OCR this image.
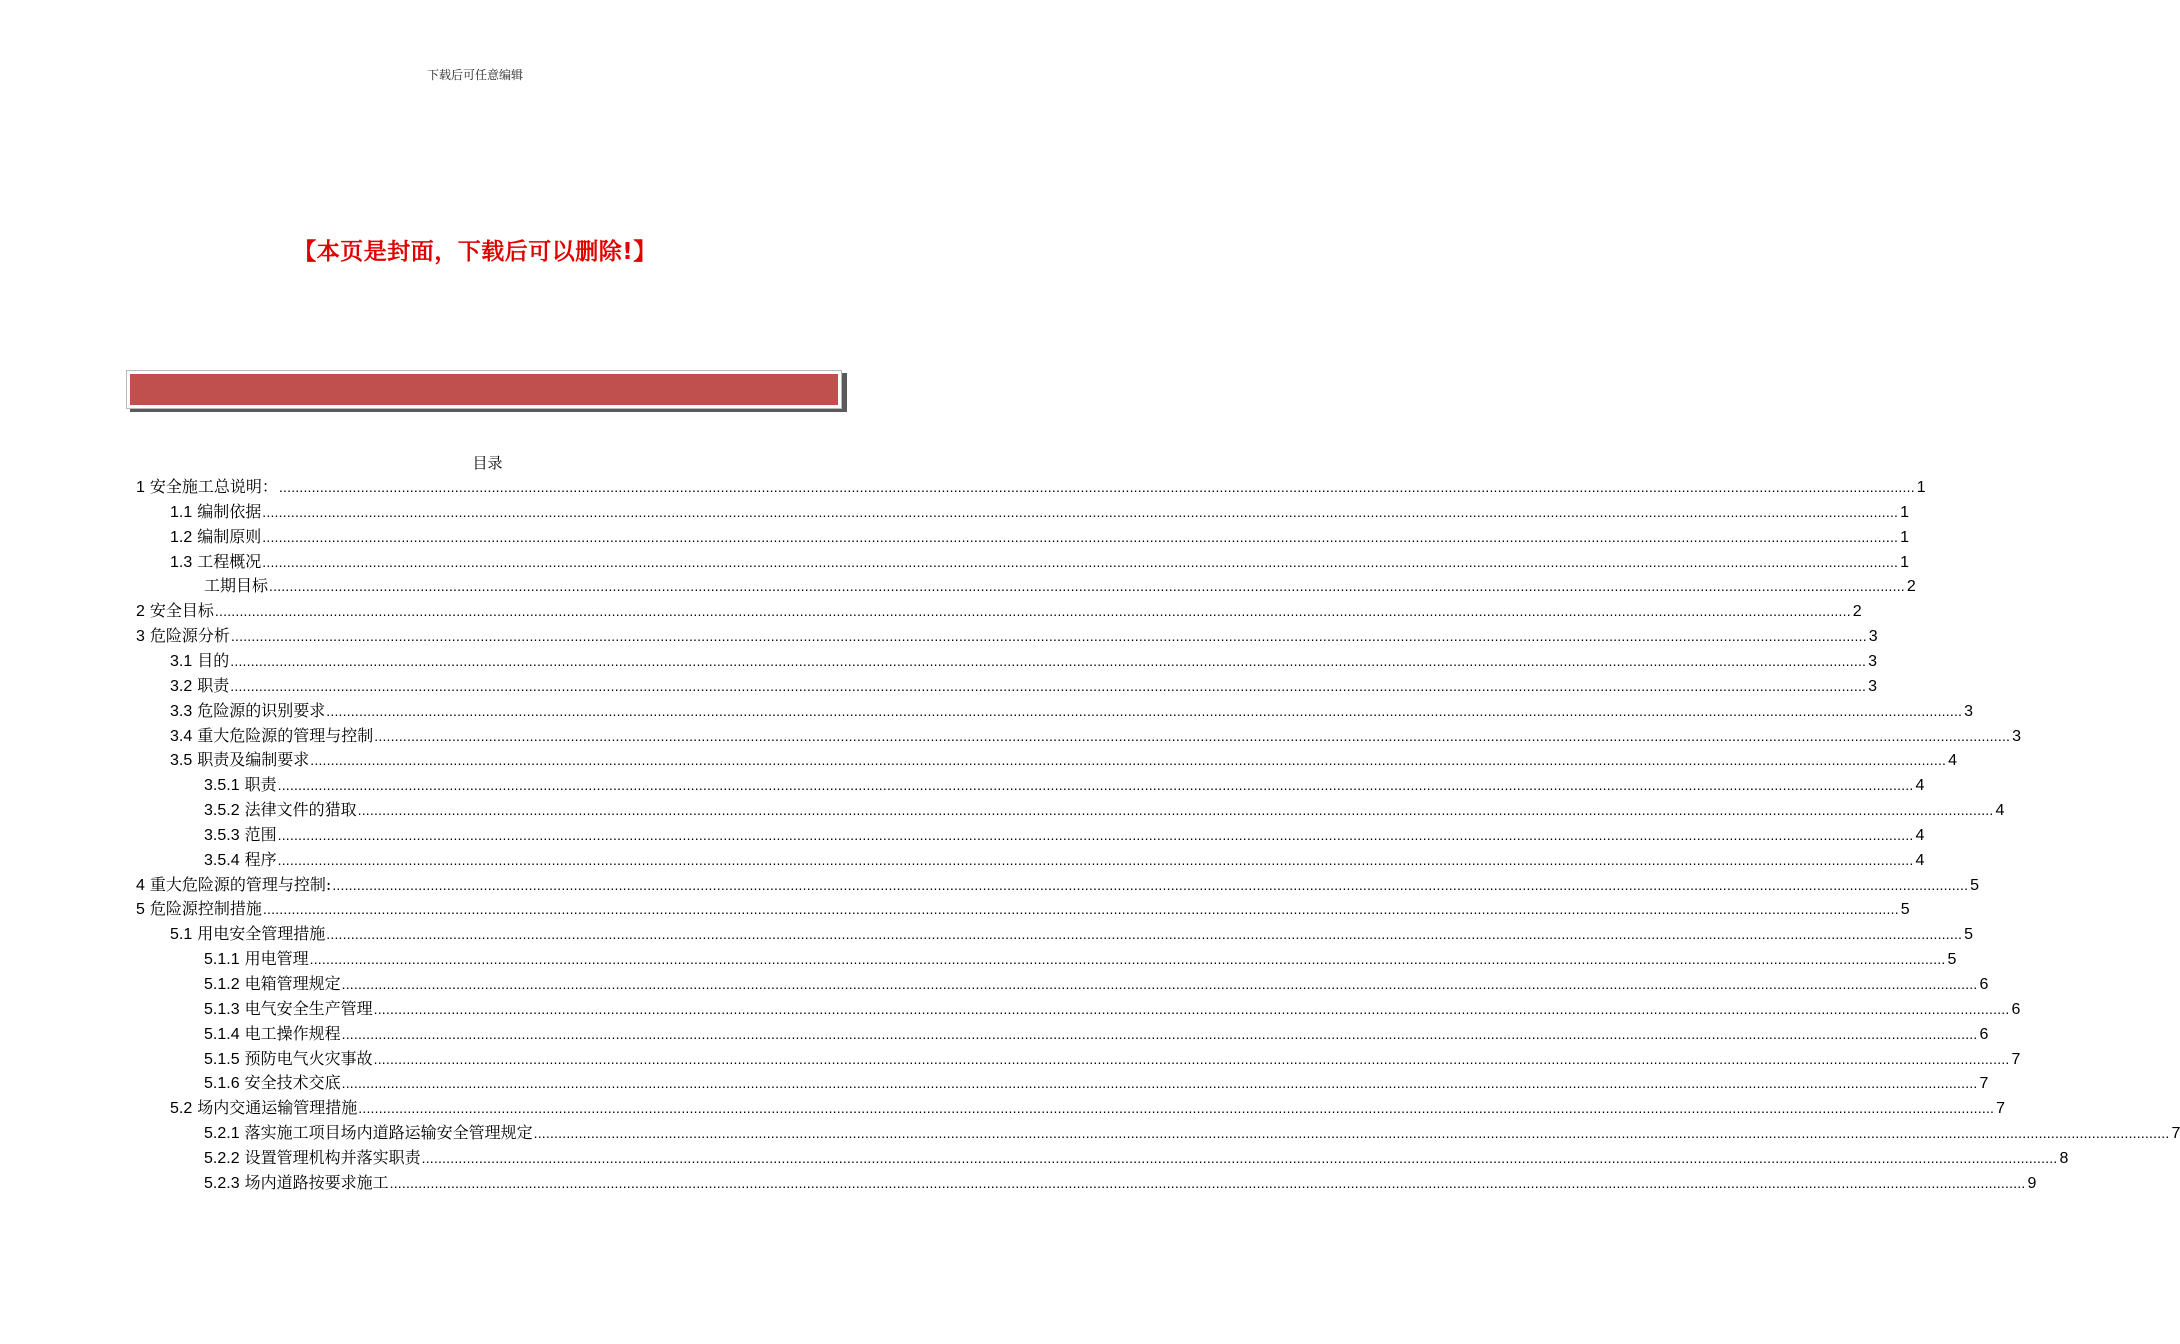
下载后可任意编辑
【本页是封面，下载后可以删除!】
目录
1 安全施工总说明： ................................................................................................................................................................................................................................................................................................................................................................................................................ 1
1.1 编制依据 ................................................................................................................................................................................................................................................................................................................................................................................................................ 1
1.2 编制原则 ................................................................................................................................................................................................................................................................................................................................................................................................................ 1
1.3 工程概况 ................................................................................................................................................................................................................................................................................................................................................................................................................ 1
工期目标 ................................................................................................................................................................................................................................................................................................................................................................................................................ 2
2 安全目标 ................................................................................................................................................................................................................................................................................................................................................................................................................ 2
3 危险源分析 ................................................................................................................................................................................................................................................................................................................................................................................................................ 3
3.1 目的 ................................................................................................................................................................................................................................................................................................................................................................................................................ 3
3.2 职责 ................................................................................................................................................................................................................................................................................................................................................................................................................ 3
3.3 危险源的识别要求 ................................................................................................................................................................................................................................................................................................................................................................................................................ 3
3.4 重大危险源的管理与控制 ................................................................................................................................................................................................................................................................................................................................................................................................................ 3
3.5 职责及编制要求 ................................................................................................................................................................................................................................................................................................................................................................................................................ 4
3.5.1 职责 ................................................................................................................................................................................................................................................................................................................................................................................................................ 4
3.5.2 法律文件的猎取 ................................................................................................................................................................................................................................................................................................................................................................................................................ 4
3.5.3 范围 ................................................................................................................................................................................................................................................................................................................................................................................................................ 4
3.5.4 程序 ................................................................................................................................................................................................................................................................................................................................................................................................................ 4
4 重大危险源的管理与控制: ................................................................................................................................................................................................................................................................................................................................................................................................................ 5
5 危险源控制措施 ................................................................................................................................................................................................................................................................................................................................................................................................................ 5
5.1 用电安全管理措施 ................................................................................................................................................................................................................................................................................................................................................................................................................ 5
5.1.1 用电管理 ................................................................................................................................................................................................................................................................................................................................................................................................................ 5
5.1.2 电箱管理规定 ................................................................................................................................................................................................................................................................................................................................................................................................................ 6
5.1.3 电气安全生产管理 ................................................................................................................................................................................................................................................................................................................................................................................................................ 6
5.1.4 电工操作规程 ................................................................................................................................................................................................................................................................................................................................................................................................................ 6
5.1.5 预防电气火灾事故 ................................................................................................................................................................................................................................................................................................................................................................................................................ 7
5.1.6 安全技术交底 ................................................................................................................................................................................................................................................................................................................................................................................................................ 7
5.2 场内交通运输管理措施 ................................................................................................................................................................................................................................................................................................................................................................................................................ 7
5.2.1 落实施工项目场内道路运输安全管理规定 ................................................................................................................................................................................................................................................................................................................................................................................................................ 7
5.2.2 设置管理机构并落实职责 ................................................................................................................................................................................................................................................................................................................................................................................................................ 8
5.2.3 场内道路按要求施工 ................................................................................................................................................................................................................................................................................................................................................................................................................ 9
